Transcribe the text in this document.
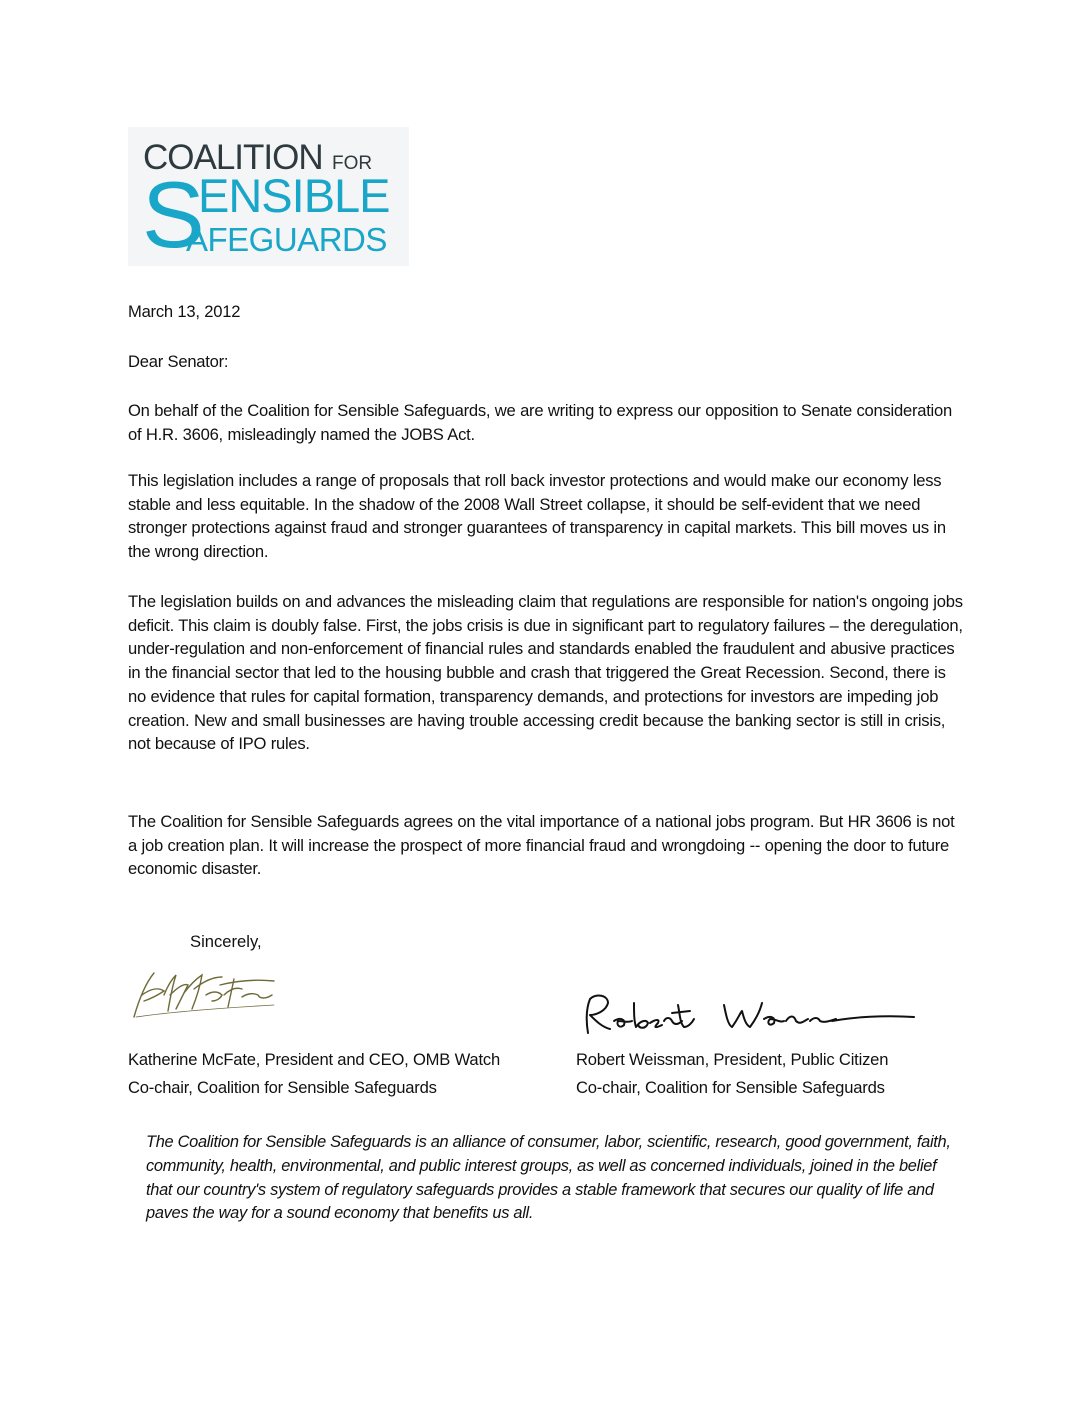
COALITION FOR
S
ENSIBLE
AFEGUARDS

March 13, 2012

Dear Senator:

On behalf of the Coalition for Sensible Safeguards, we are writing to express our opposition to Senate consideration of H.R. 3606, misleadingly named the JOBS Act.

This legislation includes a range of proposals that roll back investor protections and would make our economy less stable and less equitable. In the shadow of the 2008 Wall Street collapse, it should be self-evident that we need stronger protections against fraud and stronger guarantees of transparency in capital markets. This bill moves us in the wrong direction.

The legislation builds on and advances the misleading claim that regulations are responsible for nation's ongoing jobs deficit. This claim is doubly false. First, the jobs crisis is due in significant part to regulatory failures – the deregulation, under-regulation and non-enforcement of financial rules and standards enabled the fraudulent and abusive practices in the financial sector that led to the housing bubble and crash that triggered the Great Recession. Second, there is no evidence that rules for capital formation, transparency demands, and protections for investors are impeding job creation. New and small businesses are having trouble accessing credit because the banking sector is still in crisis, not because of IPO rules.

The Coalition for Sensible Safeguards agrees on the vital importance of a national jobs program. But HR 3606 is not a job creation plan. It will increase the prospect of more financial fraud and wrongdoing -- opening the door to future economic disaster.

Sincerely,
Katherine McFate, President and CEO, OMB Watch
Co-chair, Coalition for Sensible Safeguards
Robert Weissman, President, Public Citizen
Co-chair, Coalition for Sensible Safeguards
The Coalition for Sensible Safeguards is an alliance of consumer, labor, scientific, research, good government, faith, community, health, environmental, and public interest groups, as well as concerned individuals, joined in the belief that our country's system of regulatory safeguards provides a stable framework that secures our quality of life and paves the way for a sound economy that benefits us all.
